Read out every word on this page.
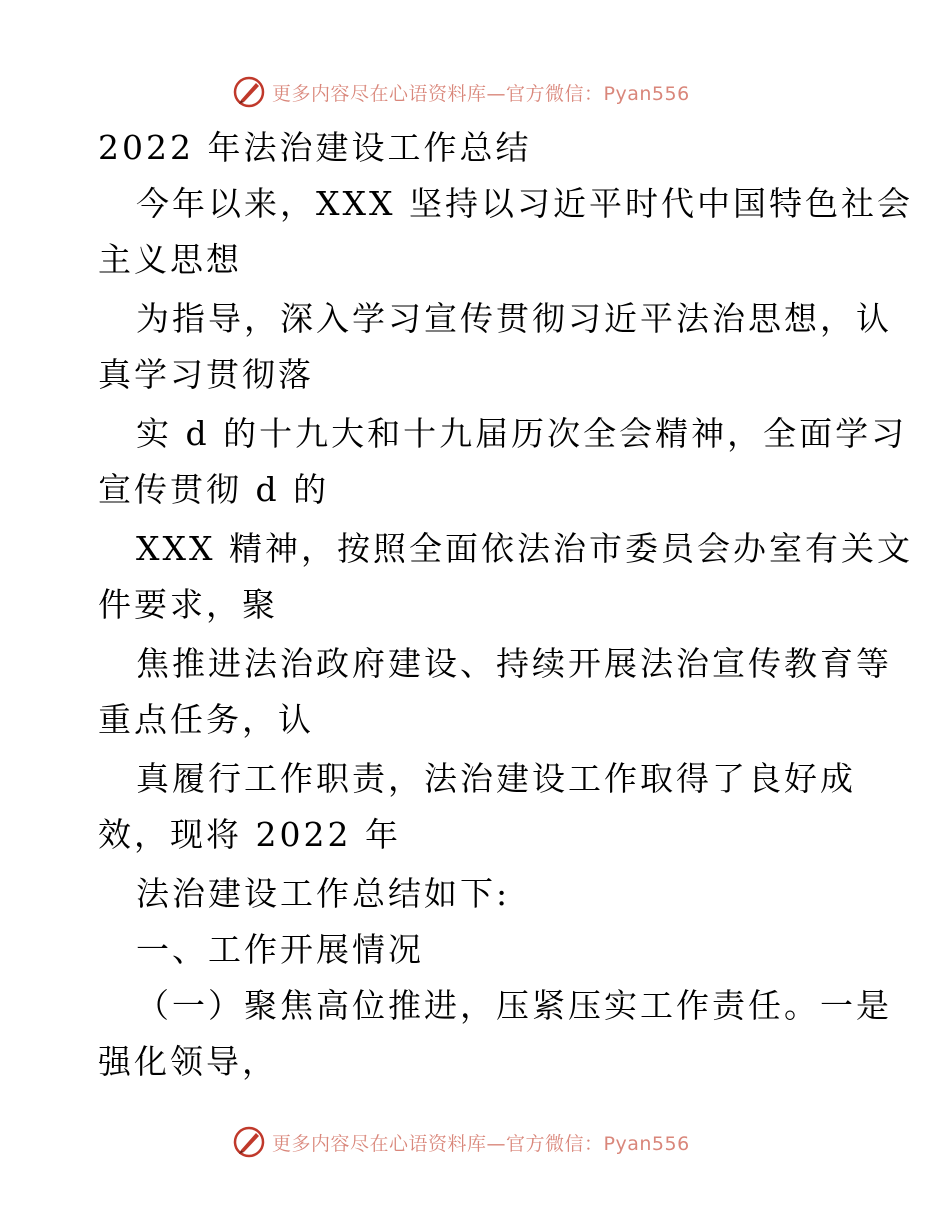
更多内容尽在心语资料库—官方微信：Pyan556
2022 年法治建设工作总结
今年以来，XXX 坚持以习近平时代中国特色社会
主义思想
为指导，深入学习宣传贯彻习近平法治思想，认
真学习贯彻落
实 d 的十九大和十九届历次全会精神，全面学习
宣传贯彻 d 的
XXX 精神，按照全面依法治市委员会办室有关文
件要求，聚
焦推进法治政府建设、持续开展法治宣传教育等
重点任务，认
真履行工作职责，法治建设工作取得了良好成
效，现将 2022 年
法治建设工作总结如下:
一、工作开展情况
（一）聚焦高位推进，压紧压实工作责任。一是
强化领导，
更多内容尽在心语资料库—官方微信：Pyan556
